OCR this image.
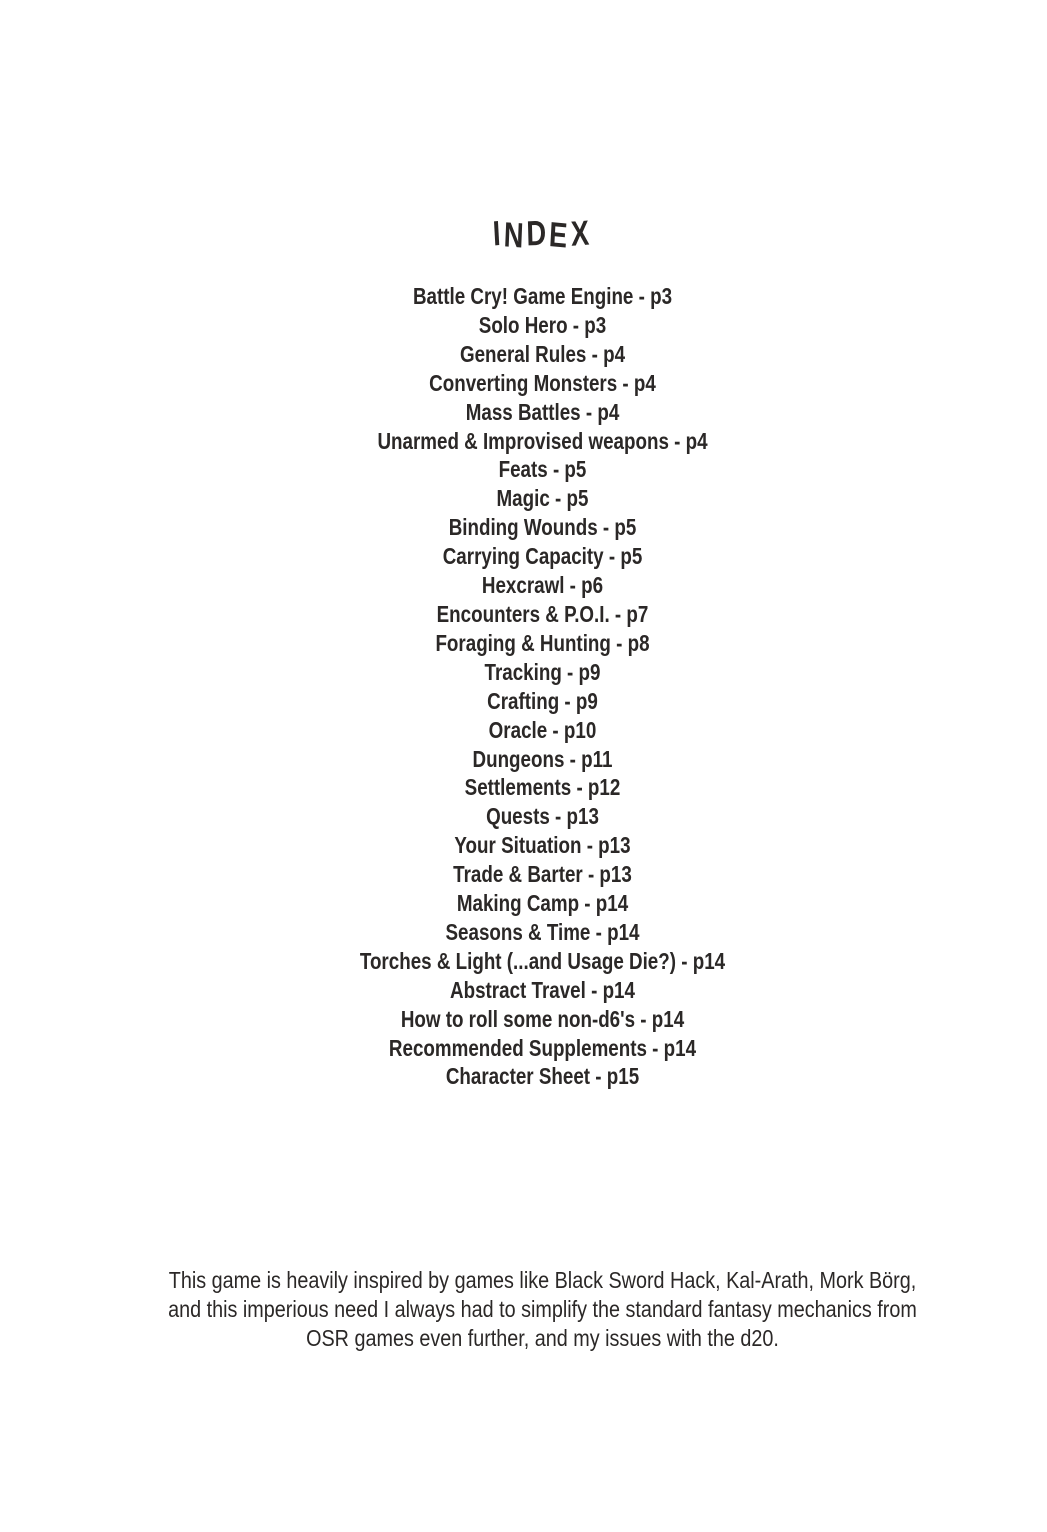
INDEX
Battle Cry! Game Engine - p3
Solo Hero - p3
General Rules - p4
Converting Monsters - p4
Mass Battles - p4
Unarmed & Improvised weapons - p4
Feats - p5
Magic - p5
Binding Wounds - p5
Carrying Capacity - p5
Hexcrawl - p6
Encounters & P.O.I. - p7
Foraging & Hunting - p8
Tracking - p9
Crafting - p9
Oracle - p10
Dungeons - p11
Settlements - p12
Quests - p13
Your Situation - p13
Trade & Barter - p13
Making Camp - p14
Seasons & Time - p14
Torches & Light (...and Usage Die?) - p14
Abstract Travel - p14
How to roll some non-d6's - p14
Recommended Supplements - p14
Character Sheet - p15
This game is heavily inspired by games like Black Sword Hack, Kal-Arath, Mork Börg,
and this imperious need I always had to simplify the standard fantasy mechanics from
OSR games even further, and my issues with the d20.
